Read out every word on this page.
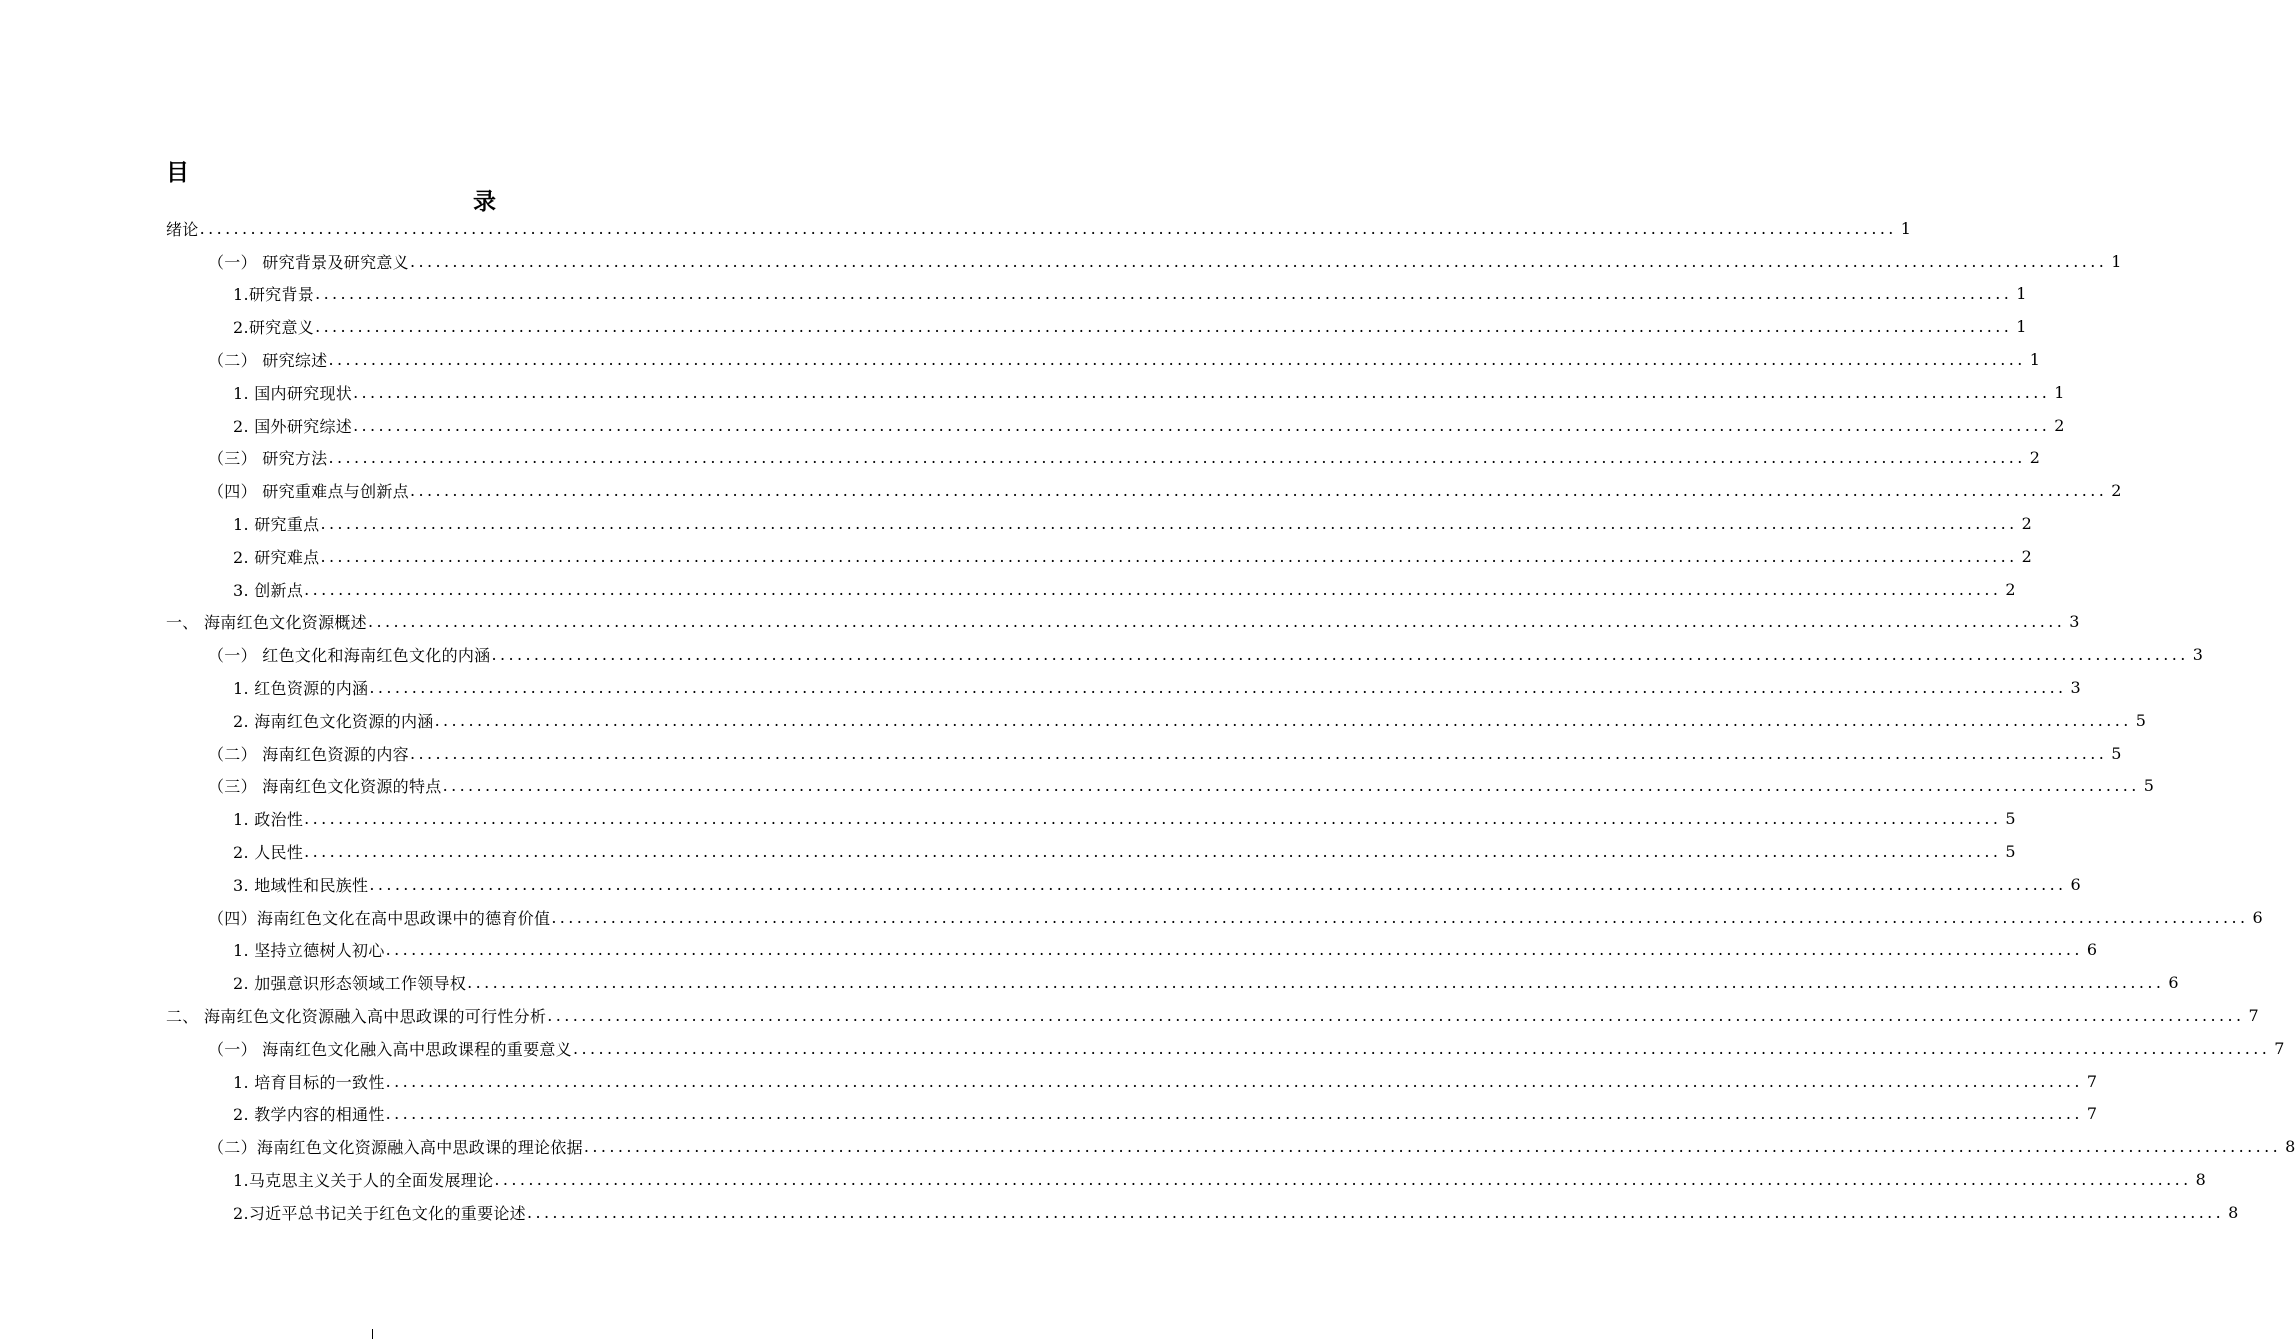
目
录
绪论 ........................................................................................................................................................................................................ 1
（一） 研究背景及研究意义 ........................................................................................................................................................................................................ 1
1.研究背景 ........................................................................................................................................................................................................ 1
2.研究意义 ........................................................................................................................................................................................................ 1
（二） 研究综述 ........................................................................................................................................................................................................ 1
1. 国内研究现状 ........................................................................................................................................................................................................ 1
2. 国外研究综述 ........................................................................................................................................................................................................ 2
（三） 研究方法 ........................................................................................................................................................................................................ 2
（四） 研究重难点与创新点 ........................................................................................................................................................................................................ 2
1. 研究重点 ........................................................................................................................................................................................................ 2
2. 研究难点 ........................................................................................................................................................................................................ 2
3. 创新点 ........................................................................................................................................................................................................ 2
一、 海南红色文化资源概述 ........................................................................................................................................................................................................ 3
（一） 红色文化和海南红色文化的内涵 ........................................................................................................................................................................................................ 3
1. 红色资源的内涵 ........................................................................................................................................................................................................ 3
2. 海南红色文化资源的内涵 ........................................................................................................................................................................................................ 5
（二） 海南红色资源的内容 ........................................................................................................................................................................................................ 5
（三） 海南红色文化资源的特点 ........................................................................................................................................................................................................ 5
1. 政治性 ........................................................................................................................................................................................................ 5
2. 人民性 ........................................................................................................................................................................................................ 5
3. 地域性和民族性 ........................................................................................................................................................................................................ 6
（四）海南红色文化在高中思政课中的德育价值 ........................................................................................................................................................................................................ 6
1. 坚持立德树人初心 ........................................................................................................................................................................................................ 6
2. 加强意识形态领域工作领导权 ........................................................................................................................................................................................................ 6
二、 海南红色文化资源融入高中思政课的可行性分析 ........................................................................................................................................................................................................ 7
（一） 海南红色文化融入高中思政课程的重要意义 ........................................................................................................................................................................................................ 7
1. 培育目标的一致性 ........................................................................................................................................................................................................ 7
2. 教学内容的相通性 ........................................................................................................................................................................................................ 7
（二）海南红色文化资源融入高中思政课的理论依据 ........................................................................................................................................................................................................ 8
1.马克思主义关于人的全面发展理论 ........................................................................................................................................................................................................ 8
2.习近平总书记关于红色文化的重要论述 ........................................................................................................................................................................................................ 8
